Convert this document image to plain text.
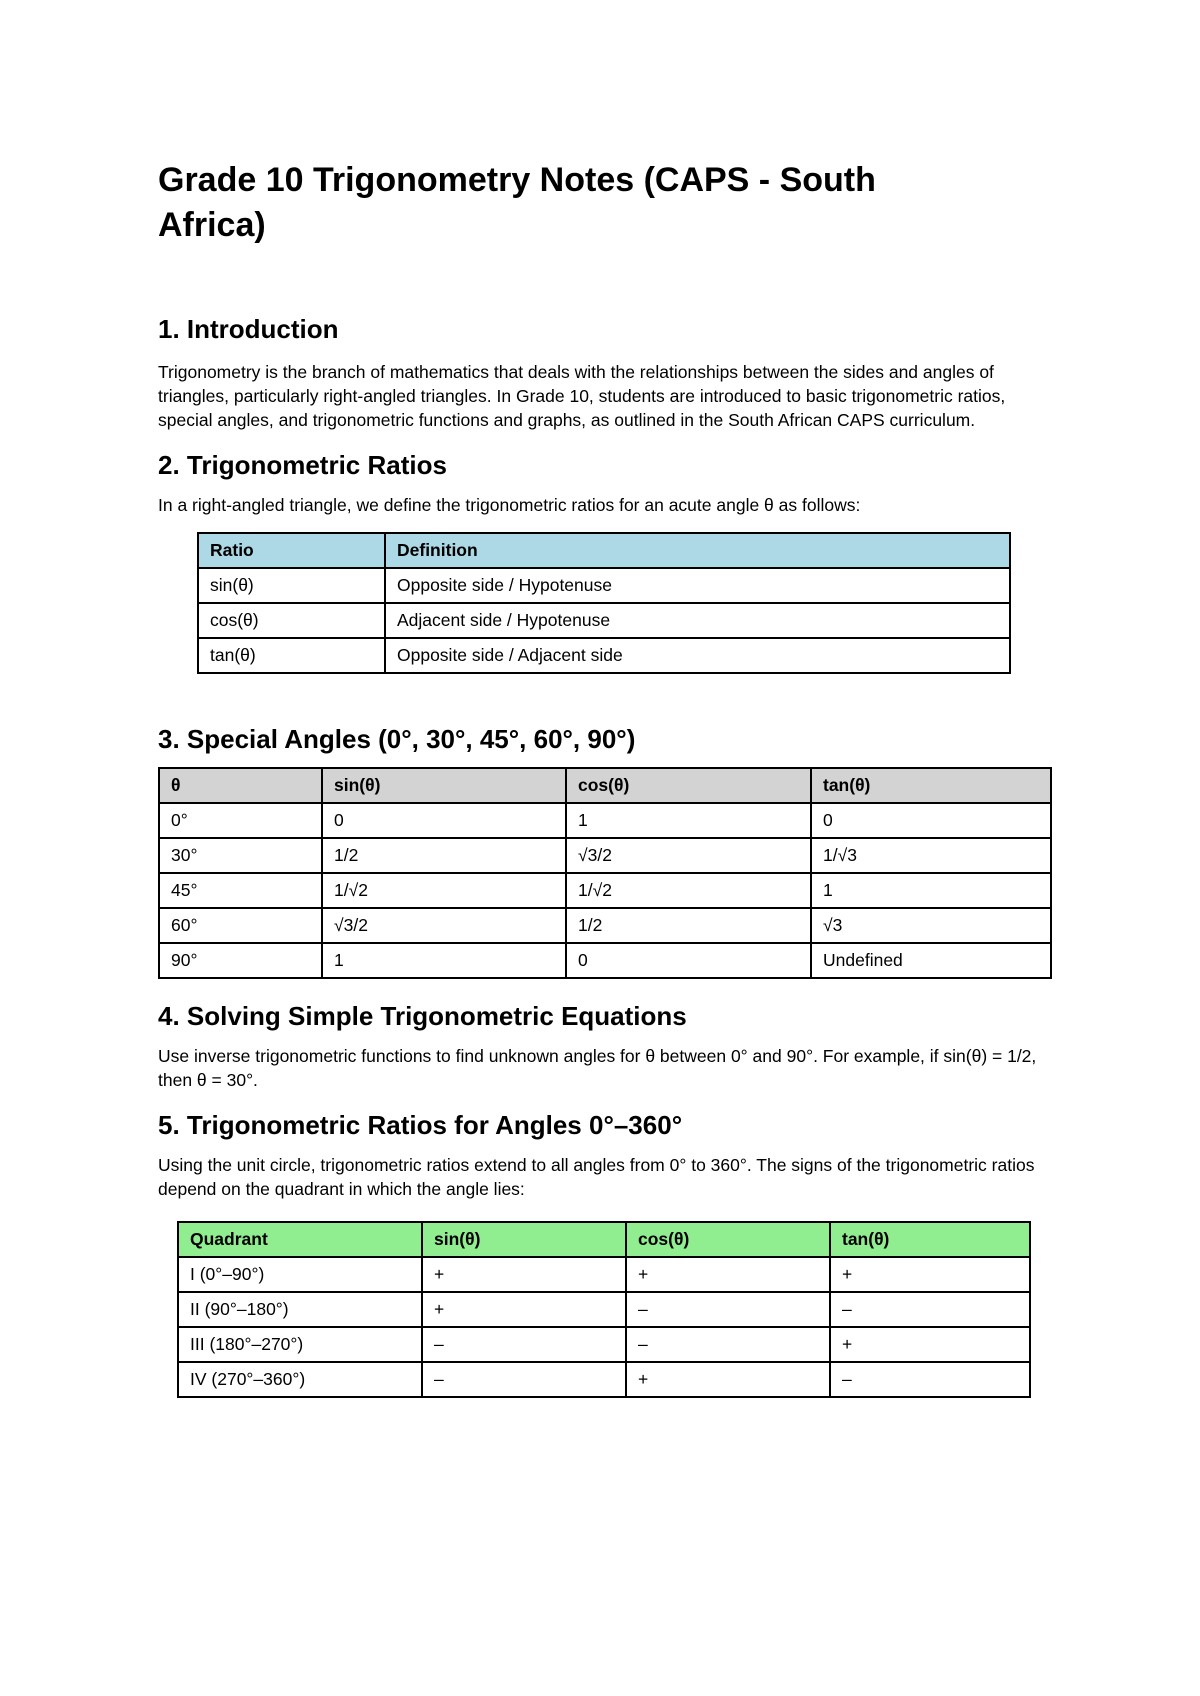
Grade 10 Trigonometry Notes (CAPS - South Africa)
1. Introduction

Trigonometry is the branch of mathematics that deals with the relationships between the sides and angles of triangles, particularly right-angled triangles. In Grade 10, students are introduced to basic trigonometric ratios, special angles, and trigonometric functions and graphs, as outlined in the South African CAPS curriculum.

2. Trigonometric Ratios

In a right-angled triangle, we define the trigonometric ratios for an acute angle θ as follows:

Ratio	Definition
sin(θ)	Opposite side / Hypotenuse
cos(θ)	Adjacent side / Hypotenuse
tan(θ)	Opposite side / Adjacent side
3. Special Angles (0°, 30°, 45°, 60°, 90°)
θ	sin(θ)	cos(θ)	tan(θ)
0°	0	1	0
30°	1/2	√3/2	1/√3
45°	1/√2	1/√2	1
60°	√3/2	1/2	√3
90°	1	0	Undefined
4. Solving Simple Trigonometric Equations

Use inverse trigonometric functions to find unknown angles for θ between 0° and 90°. For example, if sin(θ) = 1/2, then θ = 30°.

5. Trigonometric Ratios for Angles 0°–360°

Using the unit circle, trigonometric ratios extend to all angles from 0° to 360°. The signs of the trigonometric ratios depend on the quadrant in which the angle lies:

Quadrant	sin(θ)	cos(θ)	tan(θ)
I (0°–90°)	+	+	+
II (90°–180°)	+	–	–
III (180°–270°)	–	–	+
IV (270°–360°)	–	+	–
